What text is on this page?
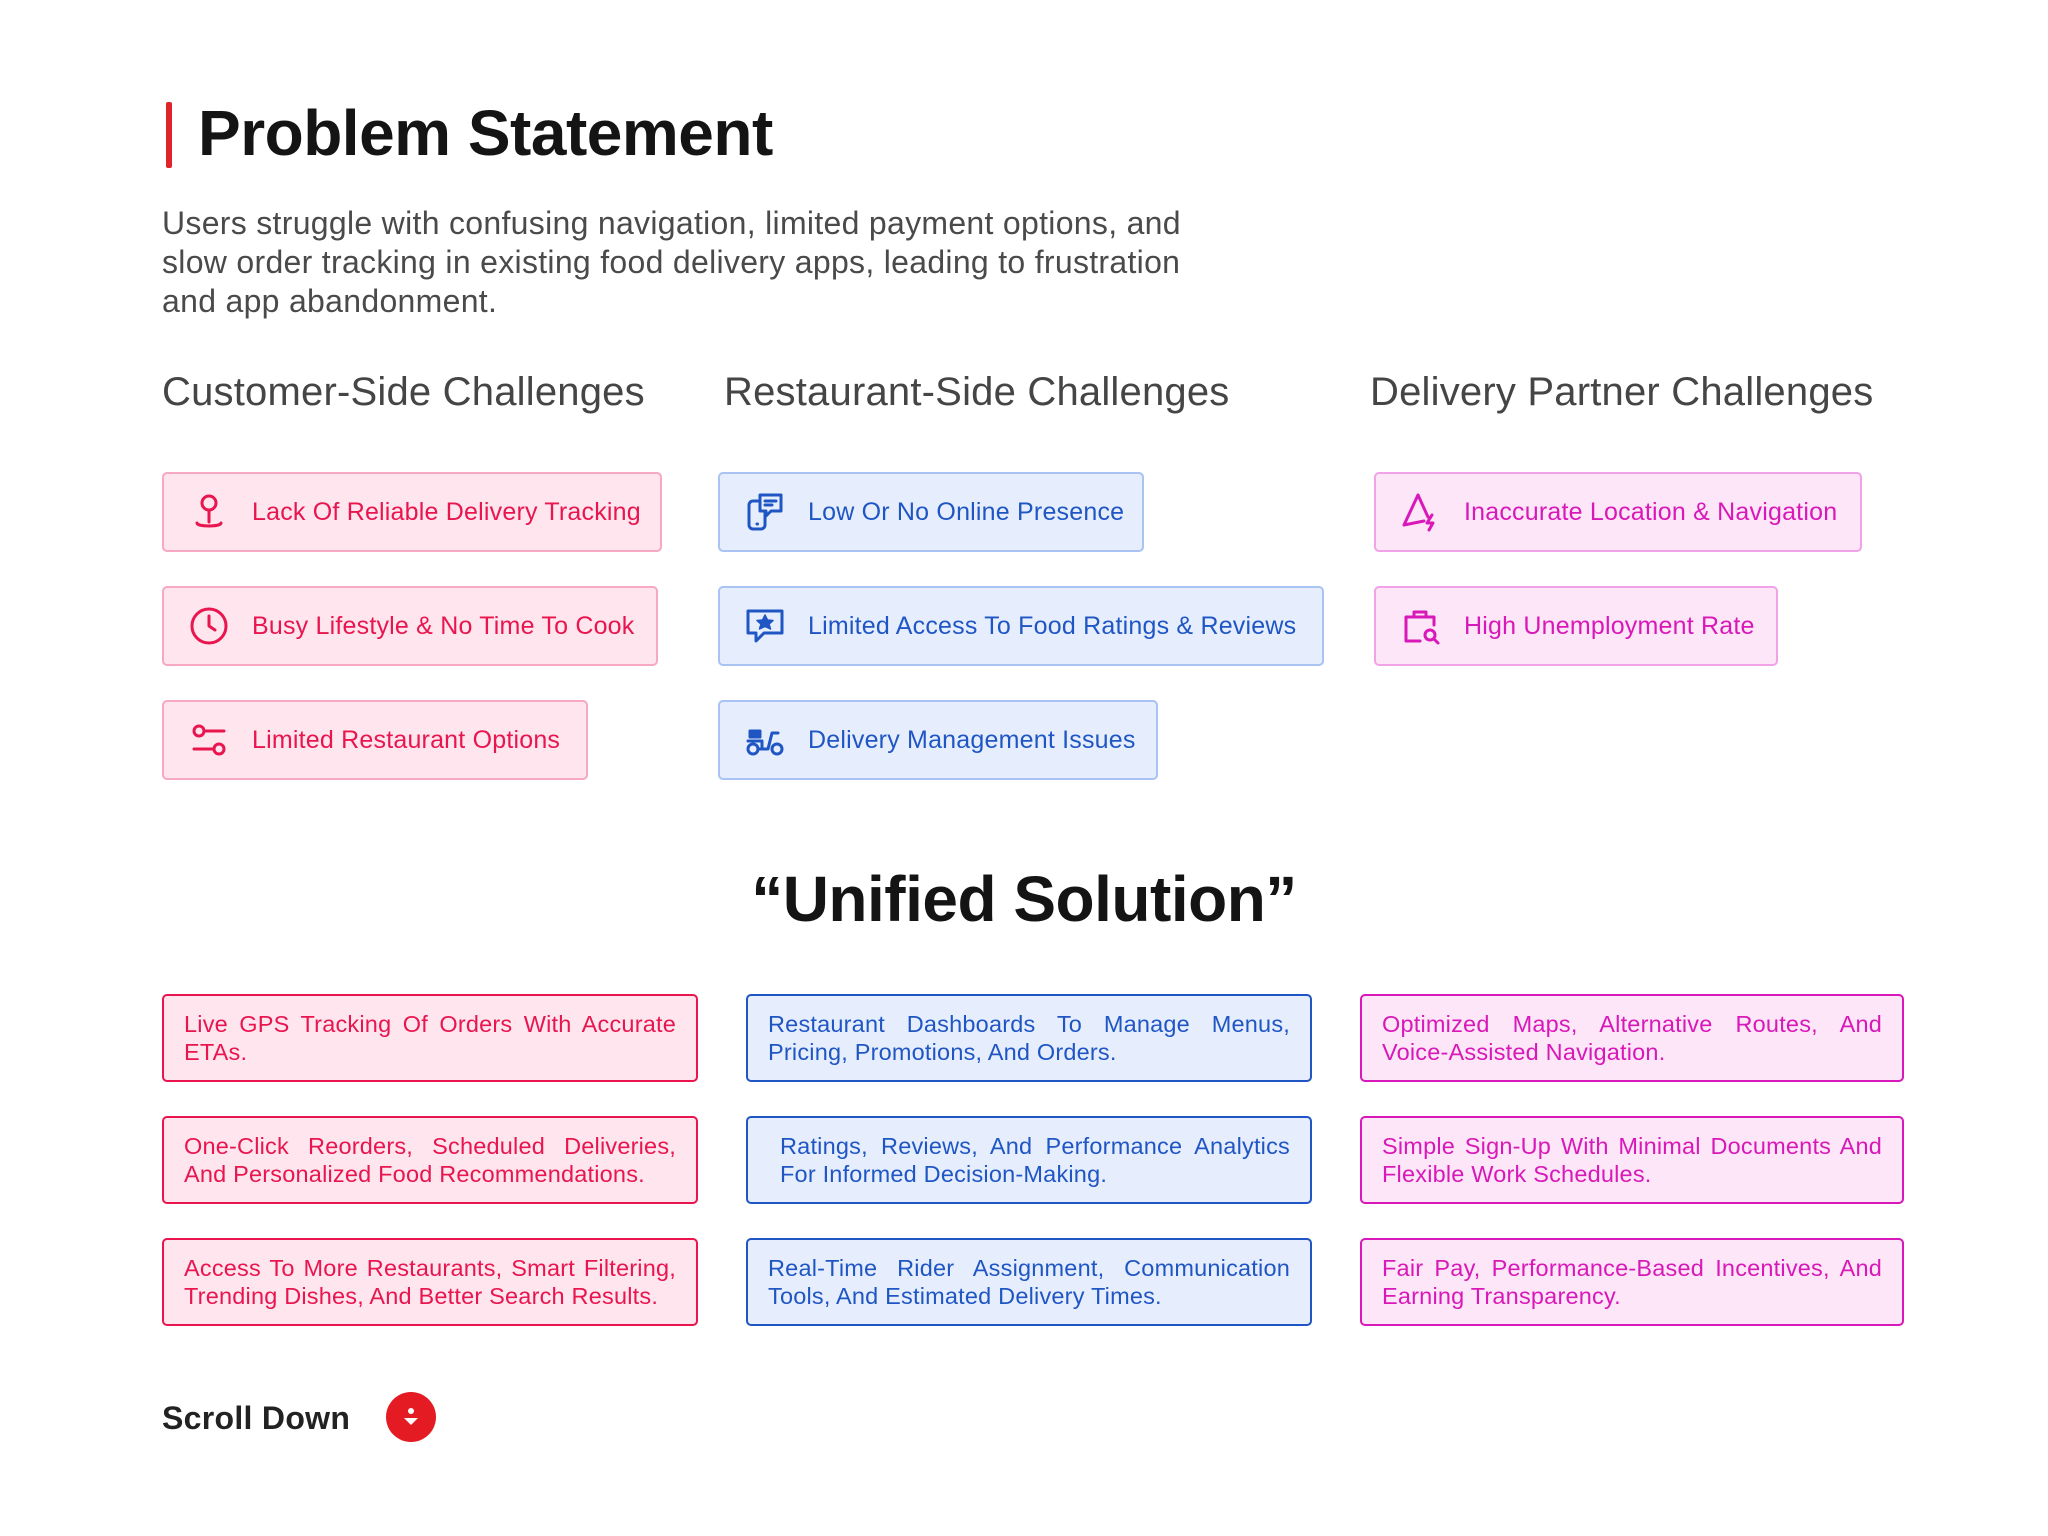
Problem Statement
Users struggle with confusing navigation, limited payment options, and slow order tracking in existing food delivery apps, leading to frustration and app abandonment.
Customer-Side Challenges Restaurant-Side Challenges	Delivery Partner Challenges
Lack Of Reliable Delivery Tracking
Busy Lifestyle & No Time To Cook
Limited Restaurant Options
Low Or No Online Presence
Limited Access To Food Ratings & Reviews
Delivery Management Issues
Inaccurate Location & Navigation
High Unemployment Rate
“Unified Solution”
Live GPS Tracking Of Orders With Accurate ETAs.
One-Click Reorders, Scheduled Deliveries, And Personalized Food Recommendations.
Access To More Restaurants, Smart Filtering, Trending Dishes, And Better Search Results.
Restaurant Dashboards To Manage Menus, Pricing, Promotions, And Orders.
Ratings, Reviews, And Performance Analytics For Informed Decision-Making.
Real-Time Rider Assignment, Communication Tools, And Estimated Delivery Times.
Optimized Maps, Alternative Routes, And Voice-Assisted Navigation.
Simple Sign-Up With Minimal Documents And Flexible Work Schedules.
Fair Pay, Performance-Based Incentives, And Earning Transparency.
Scroll Down
